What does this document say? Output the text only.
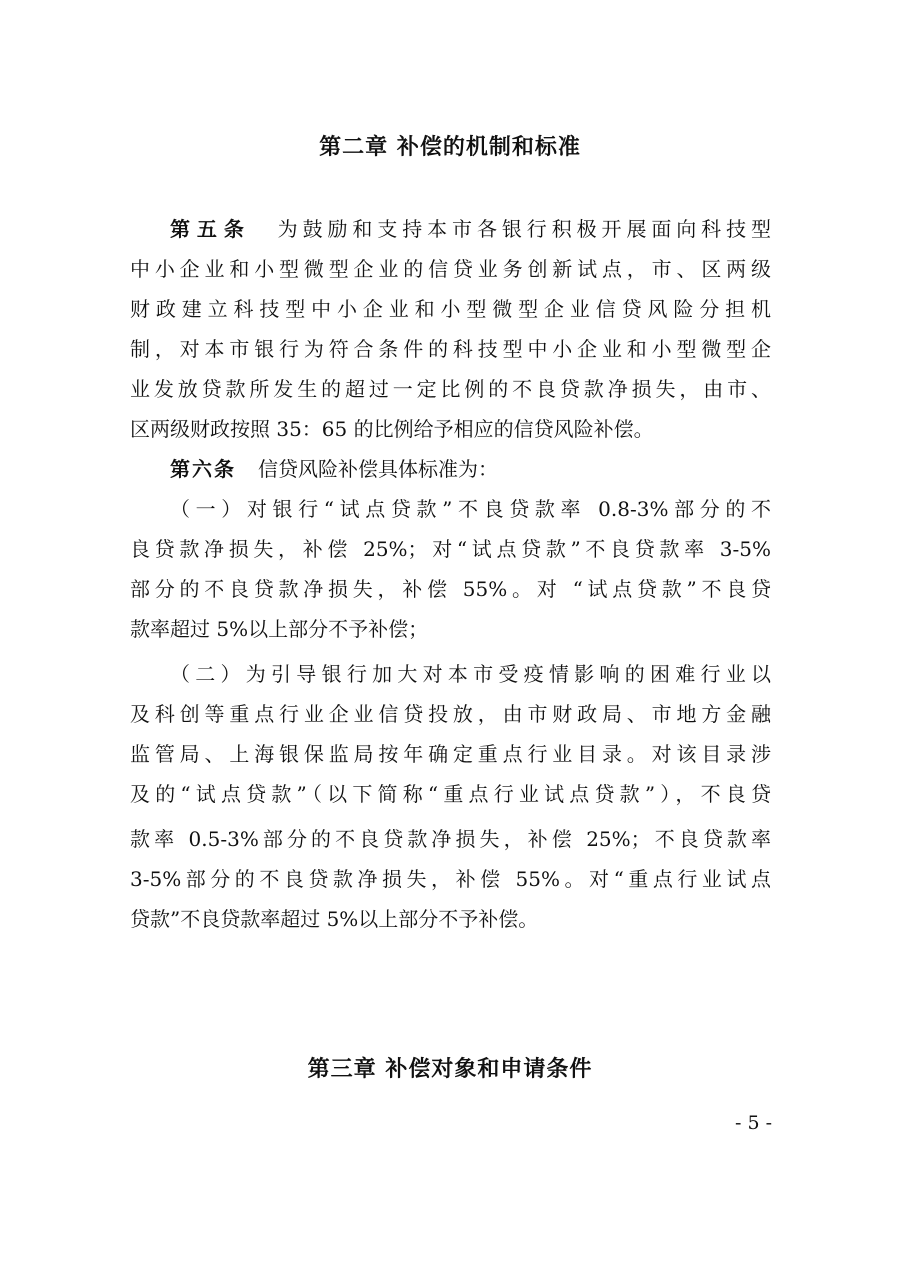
第二章 补偿的机制和标准
第五条 为鼓励和支持本市各银行积极开展面向科技型
中小企业和小型微型企业的信贷业务创新试点，市、区两级
财政建立科技型中小企业和小型微型企业信贷风险分担机
制，对本市银行为符合条件的科技型中小企业和小型微型企
业发放贷款所发生的超过一定比例的不良贷款净损失，由市、
区两级财政按照 35：65 的比例给予相应的信贷风险补偿。
第六条 信贷风险补偿具体标准为：
（一）对银行“试点贷款”不良贷款率 0.8-3%部分的不
良贷款净损失，补偿 25%；对“试点贷款”不良贷款率 3-5%
部分的不良贷款净损失，补偿 55%。对 “试点贷款”不良贷
款率超过 5%以上部分不予补偿；
（二）为引导银行加大对本市受疫情影响的困难行业以
及科创等重点行业企业信贷投放，由市财政局、市地方金融
监管局、上海银保监局按年确定重点行业目录。对该目录涉
及的“试点贷款”（以下简称“重点行业试点贷款”），不良贷
款率 0.5-3%部分的不良贷款净损失，补偿 25%；不良贷款率
3-5%部分的不良贷款净损失，补偿 55%。对“重点行业试点
贷款”不良贷款率超过 5%以上部分不予补偿。
第三章 补偿对象和申请条件
- 5 -
